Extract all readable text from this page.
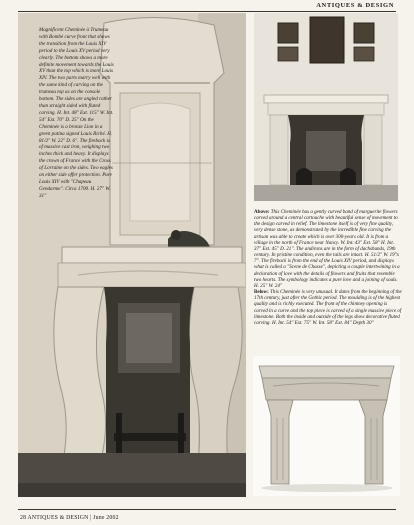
ANTIQUES & DESIGN
Magnificent Cheminée à Trumeau with Bombé curve front that shows the transition from the Louis XIV period to the Louis XV period very clearly. The bottom shows a more definite movement towards the Louis XV than the top which is more Louis XIV. The two parts marry well with the same kind of carving on the trumeau top as on the console bottom. The sides are angled rather than straight sided with fluted carving. H. Int. 48" Ext. 115" W. Int. 54" Ext. 70" D. 25" On the Cheminée is a bronze Lion in a green patina signed Louis Riché. H. 81/2" W. 22" D. 6". The fireback is of massive cast iron, weighing two inches thick and heavy. It displays the crown of France with the Cross of Lorraine on the sides. Two eagles on either side offer protection. Pure Louis XIV with "Chapeau Gendarme". Circa 1700. H. 27" W. 31"

Above: This Cheminée has a gently curved band of marguerite flowers carved around a central cartouche with beautiful sense of movement to the design carved in relief. The limestone itself is of very fine quality, very dense stone, as demonstrated by the incredible fine carving the artisan was able to create which is over 300-years old. It is from a village in the north of France near Nancy. W. Int. 43" Ext. 58" H. Int. 37" Ext. 45" D. 21". The andirons are in the form of dachshunds, 19th century. In pristine condition, even the tails are intact. H. 51/2" W. 19"x 7". The fireback is from the end of the Louis XIV period, and displays what is called a "Scene de Chasse", depicting a couple intertwining in a declaration of love with the details of flowers and fruits that resemble two hearts. The symbology indicates a pure love and a joining of souls. H. 25" W. 24"

Below: This Cheminée is very unusual. It dates from the beginning of the 17th century, just after the Gothic period. The moulding is of the highest quality and is richly executed. The front of the chimney opening is carved in a curve and the top piece is carved of a single massive piece of limestone. Both the inside and outside of the legs show decorative fluted carving. H. Int. 54" Ext. 75" W. Int. 58" Ext. 84" Depth 30"

28 ANTIQUES & DESIGN | June 2002
